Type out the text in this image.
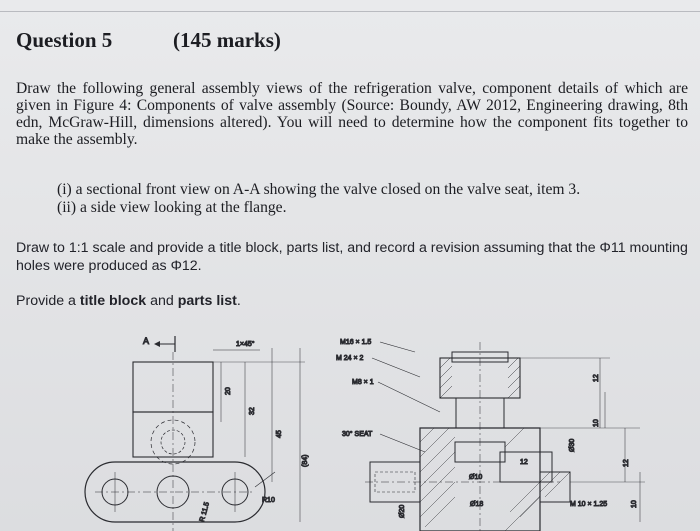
Question 5	(145 marks)

Draw the following general assembly views of the refrigeration valve, component details of which are given in Figure 4: Components of valve assembly (Source: Boundy, AW 2012, Engineering drawing, 8th edn, McGraw-Hill, dimensions altered). You will need to determine how the component fits together to make the assembly.

(i) a sectional front view on A-A showing the valve closed on the valve seat, item 3.
(ii) a side view looking at the flange.

Draw to 1:1 scale and provide a title block, parts list, and record a revision assuming that the Φ11 mounting holes were produced as Φ12.

Provide a title block and parts list.

A	1×45°
20
32
45
(84)
R10
R 11.5
M16 × 1.5
M 24 × 2
M8 × 1
30° SEAT
Ø10
Ø18
Ø20
12
Ø30
12
10
12
M 10 × 1.25	10
